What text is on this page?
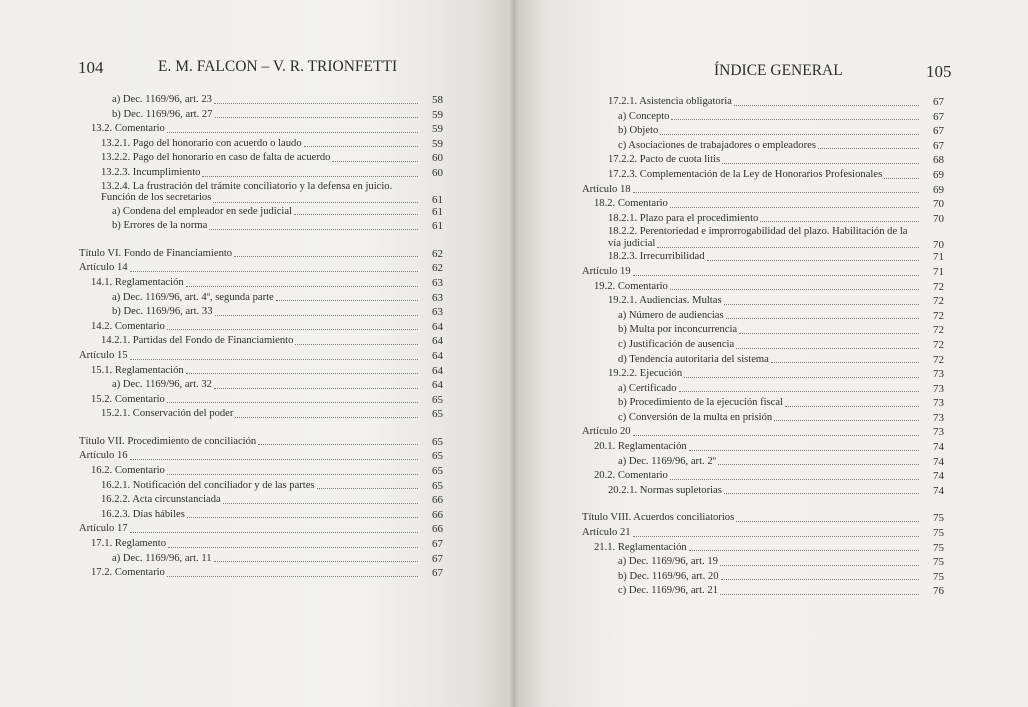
104	E. M. FALCON – V. R. TRIONFETTI
a) Dec. 1169/96, art. 23	58
b) Dec. 1169/96, art. 27	59
13.2. Comentario	59
13.2.1. Pago del honorario con acuerdo o laudo	59
13.2.2. Pago del honorario en caso de falta de acuerdo	60
13.2.3. Incumplimiento	60
13.2.4. La frustración del trámite conciliatorio y la defensa en juicio. Función de los secretarios	61
a) Condena del empleador en sede judicial	61
b) Errores de la norma	61
Título VI. Fondo de Financiamiento	62
Artículo 14	62
14.1. Reglamentación	63
a) Dec. 1169/96, art. 4º, segunda parte	63
b) Dec. 1169/96, art. 33	63
14.2. Comentario	64
14.2.1. Partidas del Fondo de Financiamiento	64
Artículo 15	64
15.1. Reglamentación	64
a) Dec. 1169/96, art. 32	64
15.2. Comentario	65
15.2.1. Conservación del poder	65
Título VII. Procedimiento de conciliación	65
Artículo 16	65
16.2. Comentario	65
16.2.1. Notificación del conciliador y de las partes	65
16.2.2. Acta circunstanciada	66
16.2.3. Días hábiles	66
Artículo 17	66
17.1. Reglamento	67
a) Dec. 1169/96, art. 11	67
17.2. Comentario	67
ÍNDICE GENERAL	105
17.2.1. Asistencia obligatoria	67
a) Concepto	67
b) Objeto	67
c) Asociaciones de trabajadores o empleadores	67
17.2.2. Pacto de cuota litis	68
17.2.3. Complementación de la Ley de Honorarios Profesionales	69
Artículo 18	69
18.2. Comentario	70
18.2.1. Plazo para el procedimiento	70
18.2.2. Perentoriedad e improrrogabilidad del plazo. Habilitación de la vía judicial	70
18.2.3. Irrecurribilidad	71
Artículo 19	71
19.2. Comentario	72
19.2.1. Audiencias. Multas	72
a) Número de audiencias	72
b) Multa por inconcurrencia	72
c) Justificación de ausencia	72
d) Tendencia autoritaria del sistema	72
19.2.2. Ejecución	73
a) Certificado	73
b) Procedimiento de la ejecución fiscal	73
c) Conversión de la multa en prisión	73
Artículo 20	73
20.1. Reglamentación	74
a) Dec. 1169/96, art. 2º	74
20.2. Comentario	74
20.2.1. Normas supletorias	74
Título VIII. Acuerdos conciliatorios	75
Artículo 21	75
21.1. Reglamentación	75
a) Dec. 1169/96, art. 19	75
b) Dec. 1169/96, art. 20	75
c) Dec. 1169/96, art. 21	76
